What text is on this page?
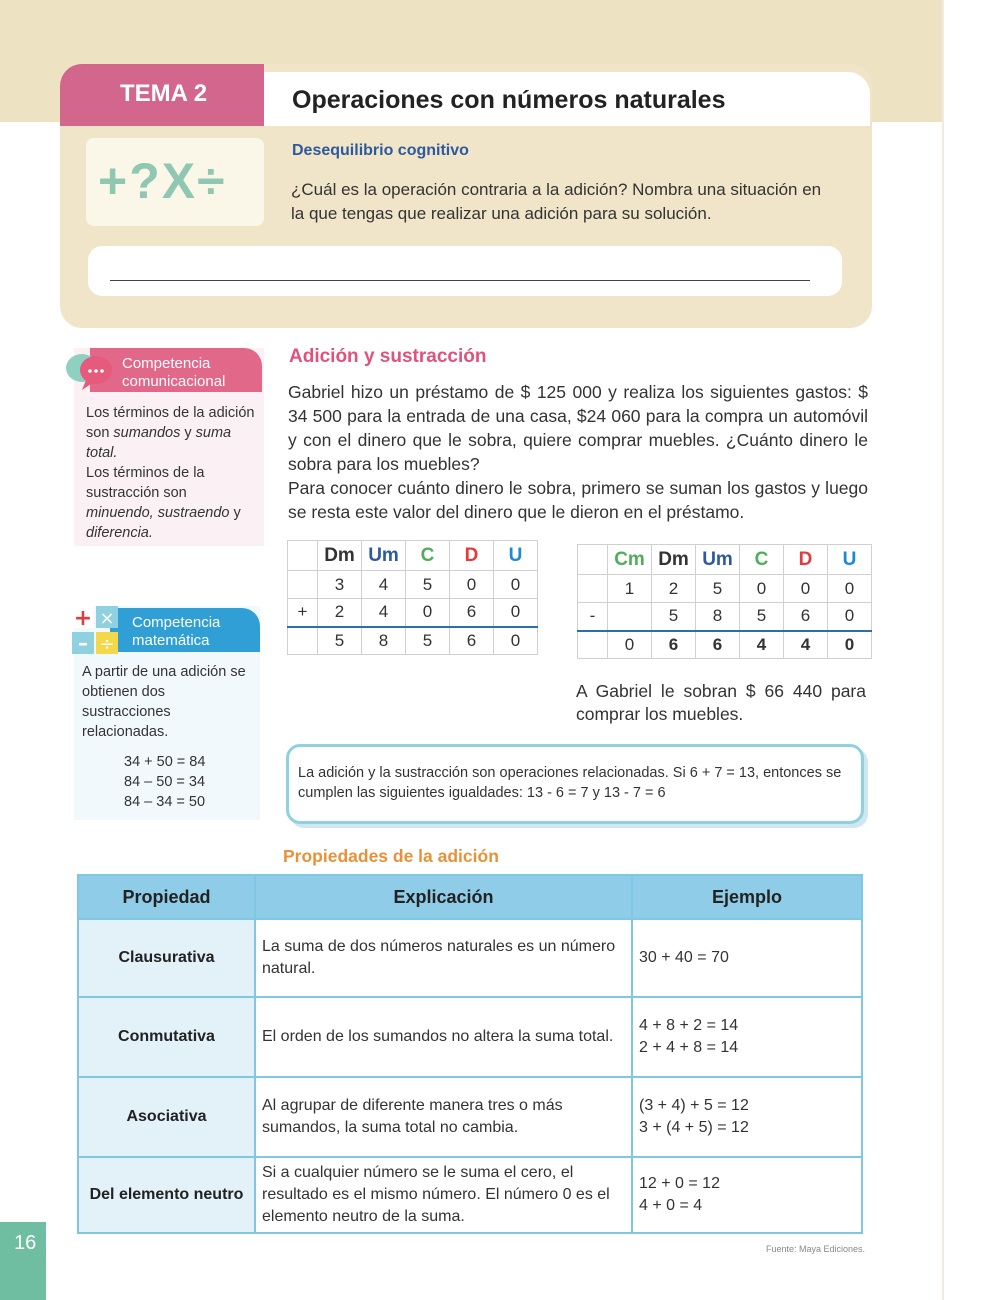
TEMA 2	Operaciones con números naturales
+?X÷
Desequilibrio cognitivo
¿Cuál es la operación contraria a la adición? Nombra una situación en la que tengas que realizar una adición para su solución.
Competencia
comunicacional
Los términos de la adición son sumandos y suma total.
Los términos de la sustracción son minuendo, sustraendo y diferencia.
+ ×
– ÷
Competencia
matemática
A partir de una adición se obtienen dos sustracciones relacionadas.
34 + 50 = 84
84 – 50 = 34
84 – 34 = 50
Adición y sustracción
Gabriel hizo un préstamo de $ 125 000 y realiza los siguientes gastos: $ 34 500 para la entrada de una casa, $24 060 para la compra un automóvil y con el dinero que le sobra, quiere comprar muebles. ¿Cuánto dinero le sobra para los muebles?
Para conocer cuánto dinero le sobra, primero se suman los gastos y luego se resta este valor del dinero que le dieron en el préstamo.
	Dm	Um	C	D	U
	3	4	5	0	0
+	2	4	0	6	0
	5	8	5	6	0
	Cm	Dm	Um	C	D	U
	1	2	5	0	0	0
-		5	8	5	6	0
	0	6	6	4	4	0
A Gabriel le sobran $ 66 440 para comprar los muebles.
La adición y la sustracción son operaciones relacionadas. Si 6 + 7 = 13, entonces se cumplen las siguientes igualdades: 13 - 6 = 7 y 13 - 7 = 6
Propiedades de la adición
Propiedad	Explicación	Ejemplo
Clausurativa	La suma de dos números naturales es un número natural.	30 + 40 = 70

Conmutativa	El orden de los sumandos no altera la suma total.	4 + 8 + 2 = 14
2 + 4 + 8 = 14

Asociativa	Al agrupar de diferente manera tres o más sumandos, la suma total no cambia.	(3 + 4) + 5 = 12
3 + (4 + 5) = 12

Del elemento neutro	Si a cualquier número se le suma el cero, el resultado es el mismo número. El número 0 es el elemento neutro de la suma.	12 + 0 = 12
4 + 0 = 4
16	Fuente: Maya Ediciones.
